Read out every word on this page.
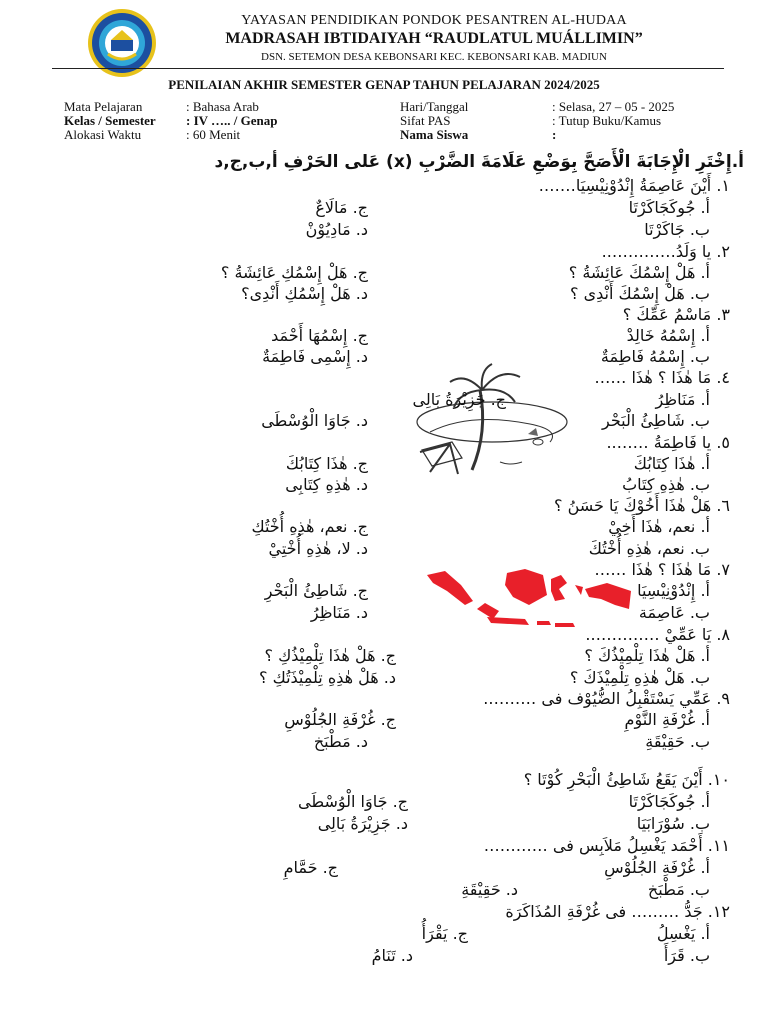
YAYASAN PENDIDIKAN PONDOK PESANTREN AL-HUDAA
MADRASAH IBTIDAIYAH “RAUDLATUL MUÁLLIMIN”
DSN. SETEMON DESA KEBONSARI KEC. KEBONSARI KAB. MADIUN
PENILAIAN AKHIR SEMESTER GENAP TAHUN PELAJARAN 2024/2025
Mata Pelajaran	: Bahasa Arab
Kelas / Semester : IV ….. / Genap
Alokasi Waktu	: 60 Menit
Hari/Tanggal	: Selasa, 27 – 05 - 2025
Sifat PAS	: Tutup Buku/Kamus
Nama Siswa	:
أ.إِخْتَرِ الْإِجَابَةَ الْأَصَحَّ بِوَضْعِ عَلَامَةَ الضَّرْبِ (x) عَلى الحَرْفِ أ,ب,ج,د
١. أَيْنَ عَاصِمَةُ إِنْدُوْنِيْسِيَا…….
أ. جُوكَجَاكَرْتَا
ج. مَالَاعٌ
ب. جَاكَرْتَا
د. مَادِيُوْنْ
٢. يا وَلَدُ…………..
أ. هَلْ إِسْمُكَ عَائِشَةُ ؟
ج. هَلْ إِسْمُكِ عَائِشَةُ ؟
ب. هَلْ إِسْمُكَ أَنْدِى ؟
د. هَلْ إِسْمُكِ أَنْدِى؟
٣. مَاسْمُ عَمِّكَ ؟
أ. إِسْمُهُ خَالِدْ
ج. إِسْمُهَا أَحْمَد
ب. إِسْمُهُ فَاطِمَةٌ
د. إِسْمِى فَاطِمَةٌ
٤. مَا هٰذَا ؟ هٰذَا ……
أ. مَنَاظِرُ
ج. جَزِيْرَةُ بَالِى
ب. شَاطِئُ الْبَحْر
د. جَاوَا الْوُسْطَى
٥. يا فَاطِمَةُ ……..
أ. هٰذَا كِتَابُكَ
ج. هٰذَا كِتَابُكَ
ب. هٰذِهِ كِتَابُ
د. هٰذِهِ كِتَابِى
٦. هَلْ هٰذَا أَخُوْكَ يَا حَسَنُ ؟
أ. نعم، هٰذَا أَخِيْ
ج. نعم، هٰذِهِ أُخْتُكِ
ب. نعم، هٰذِهِ أُخْتُكَ
د. لا، هٰذِهِ أُخْتِيْ
٧. مَا هٰذَا ؟ هٰذَا ……
أ. إِنْدُوْنِيْسِيَا
ج. شَاطِئُ الْبَحْرِ
ب. عَاصِمَة
د. مَنَاظِرُ
٨. يَا عَمِّيْ …………..
أ. هَلْ هٰذَا تِلْمِيْذُكَ ؟
ج. هَلْ هٰذَا تِلْمِيْذُكِ ؟
ب. هَلْ هٰذِهِ تِلْمِيْذَكَ ؟
د. هَلْ هٰذِهِ تِلْمِيْذَتُكِ ؟
٩. عَمِّي يَسْتَقْبِلُ الضُّيُوْف فى ……….
أ. غُرْفَةِ النَّوْمِ
ج. غُرْفَةِ الجُلُوْسِ
ب. حَقِيْقَةِ
د. مَطْبَخ
١٠. أَيْنَ يَقَعُ شَاطِئُ الْبَحْرِ كُوْتَا ؟
أ. جُوكَجَاكَرْتَا
ج. جَاوَا الْوُسْطَى
ب. سُوْرَابَيَا
د. جَزِيْرَةُ بَالِى
١١. أَحْمَد يَغْسِلُ مَلاَبِس فى …………
أ. غُرْفَةِ الجُلُوْسِ
ج. حَمَّامِ
ب. مَطْبَخ
د. حَقِيْقَةِ
١٢. جَدُّ ……… فى غُرْفَةِ المُذَاكَرَة
أ. يَغْسِلُ
ج. يَقْرَأُ
ب. قَرَأَ
د. تَنَامُ
